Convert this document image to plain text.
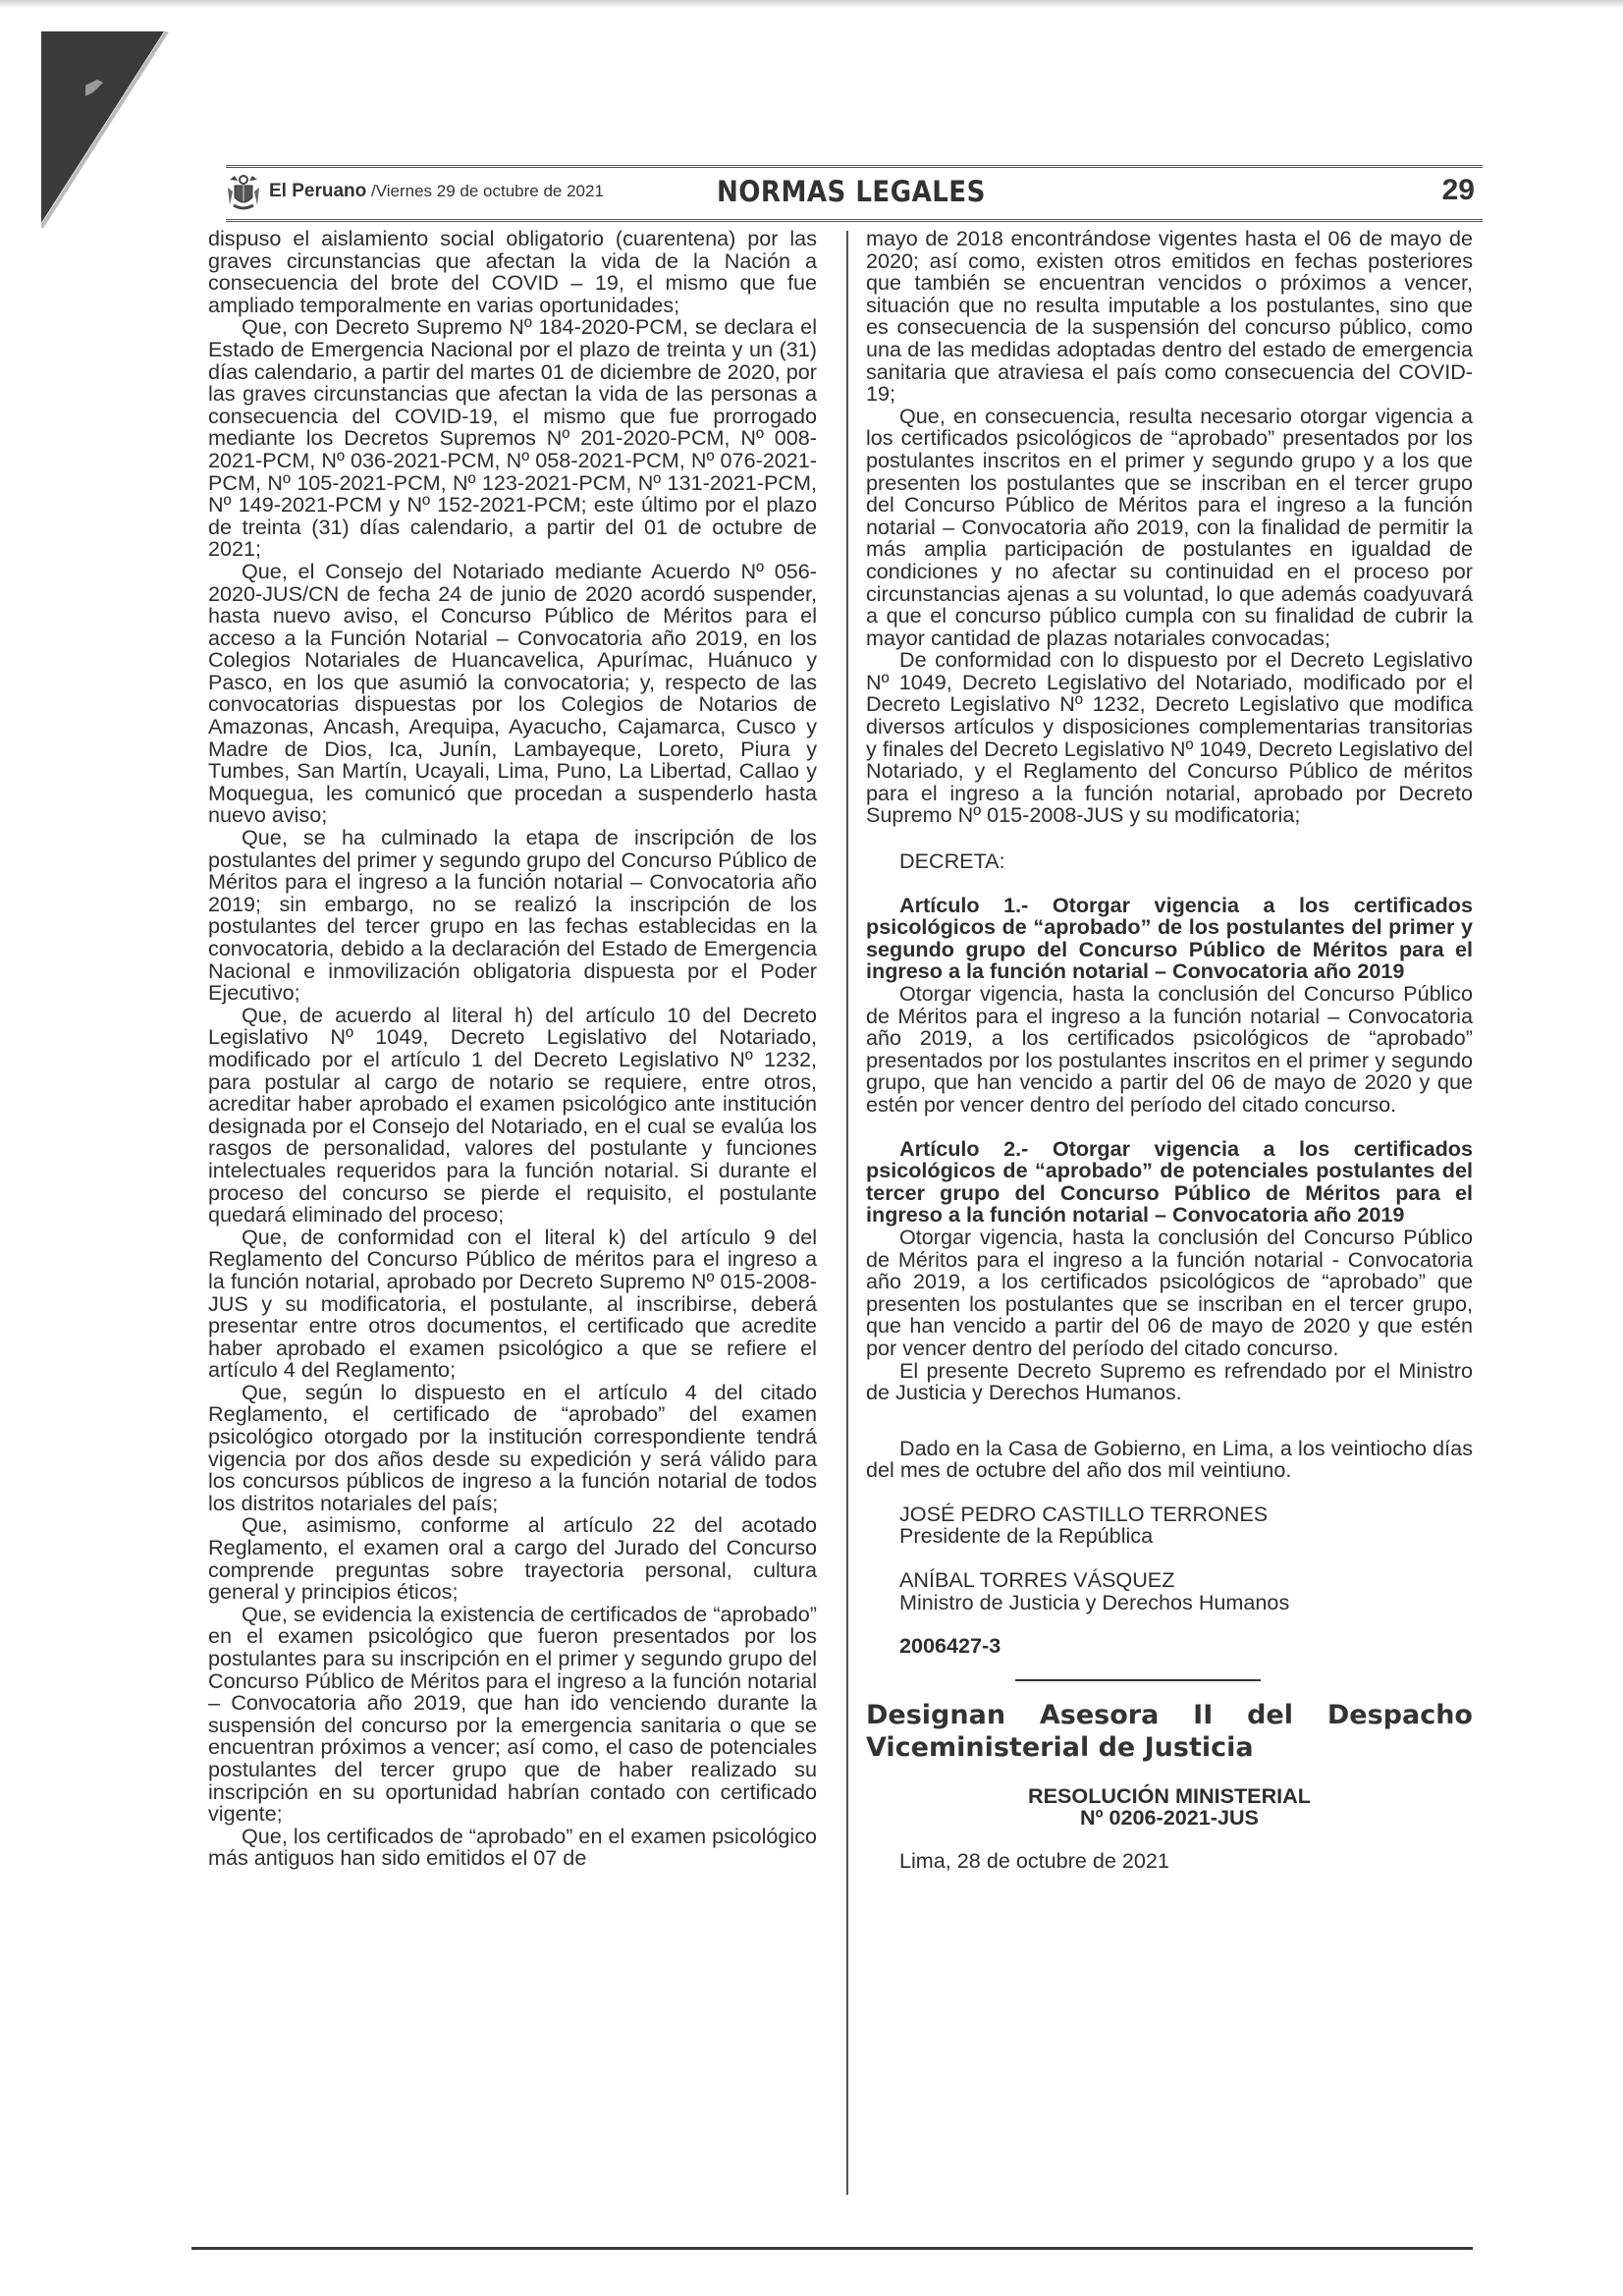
El Peruano /Viernes 29 de octubre de 2021	NORMAS LEGALES	29

dispuso el aislamiento social obligatorio (cuarentena) por las graves circunstancias que afectan la vida de la Nación a consecuencia del brote del COVID – 19, el mismo que fue ampliado temporalmente en varias oportunidades;

Que, con Decreto Supremo Nº 184-2020-PCM, se declara el Estado de Emergencia Nacional por el plazo de treinta y un (31) días calendario, a partir del martes 01 de diciembre de 2020, por las graves circunstancias que afectan la vida de las personas a consecuencia del COVID-19, el mismo que fue prorrogado mediante los Decretos Supremos Nº 201-2020-PCM, Nº 008-2021-PCM, Nº 036-2021-PCM, Nº 058-2021-PCM, Nº 076-2021-PCM, Nº 105-2021-PCM, Nº 123-2021-PCM, Nº 131-2021-PCM, Nº 149-2021-PCM y Nº 152-2021-PCM; este último por el plazo de treinta (31) días calendario, a partir del 01 de octubre de 2021;

Que, el Consejo del Notariado mediante Acuerdo Nº 056-2020-JUS/CN de fecha 24 de junio de 2020 acordó suspender, hasta nuevo aviso, el Concurso Público de Méritos para el acceso a la Función Notarial – Convocatoria año 2019, en los Colegios Notariales de Huancavelica, Apurímac, Huánuco y Pasco, en los que asumió la convocatoria; y, respecto de las convocatorias dispuestas por los Colegios de Notarios de Amazonas, Ancash, Arequipa, Ayacucho, Cajamarca, Cusco y Madre de Dios, Ica, Junín, Lambayeque, Loreto, Piura y Tumbes, San Martín, Ucayali, Lima, Puno, La Libertad, Callao y Moquegua, les comunicó que procedan a suspenderlo hasta nuevo aviso;

Que, se ha culminado la etapa de inscripción de los postulantes del primer y segundo grupo del Concurso Público de Méritos para el ingreso a la función notarial – Convocatoria año 2019; sin embargo, no se realizó la inscripción de los postulantes del tercer grupo en las fechas establecidas en la convocatoria, debido a la declaración del Estado de Emergencia Nacional e inmovilización obligatoria dispuesta por el Poder Ejecutivo;

Que, de acuerdo al literal h) del artículo 10 del Decreto Legislativo Nº 1049, Decreto Legislativo del Notariado, modificado por el artículo 1 del Decreto Legislativo Nº 1232, para postular al cargo de notario se requiere, entre otros, acreditar haber aprobado el examen psicológico ante institución designada por el Consejo del Notariado, en el cual se evalúa los rasgos de personalidad, valores del postulante y funciones intelectuales requeridos para la función notarial. Si durante el proceso del concurso se pierde el requisito, el postulante quedará eliminado del proceso;

Que, de conformidad con el literal k) del artículo 9 del Reglamento del Concurso Público de méritos para el ingreso a la función notarial, aprobado por Decreto Supremo Nº 015-2008-JUS y su modificatoria, el postulante, al inscribirse, deberá presentar entre otros documentos, el certificado que acredite haber aprobado el examen psicológico a que se refiere el artículo 4 del Reglamento;

Que, según lo dispuesto en el artículo 4 del citado Reglamento, el certificado de “aprobado” del examen psicológico otorgado por la institución correspondiente tendrá vigencia por dos años desde su expedición y será válido para los concursos públicos de ingreso a la función notarial de todos los distritos notariales del país;

Que, asimismo, conforme al artículo 22 del acotado Reglamento, el examen oral a cargo del Jurado del Concurso comprende preguntas sobre trayectoria personal, cultura general y principios éticos;

Que, se evidencia la existencia de certificados de “aprobado” en el examen psicológico que fueron presentados por los postulantes para su inscripción en el primer y segundo grupo del Concurso Público de Méritos para el ingreso a la función notarial – Convocatoria año 2019, que han ido venciendo durante la suspensión del concurso por la emergencia sanitaria o que se encuentran próximos a vencer; así como, el caso de potenciales postulantes del tercer grupo que de haber realizado su inscripción en su oportunidad habrían contado con certificado vigente;

Que, los certificados de “aprobado” en el examen psicológico más antiguos han sido emitidos el 07 de

mayo de 2018 encontrándose vigentes hasta el 06 de mayo de 2020; así como, existen otros emitidos en fechas posteriores que también se encuentran vencidos o próximos a vencer, situación que no resulta imputable a los postulantes, sino que es consecuencia de la suspensión del concurso público, como una de las medidas adoptadas dentro del estado de emergencia sanitaria que atraviesa el país como consecuencia del COVID-19;

Que, en consecuencia, resulta necesario otorgar vigencia a los certificados psicológicos de “aprobado” presentados por los postulantes inscritos en el primer y segundo grupo y a los que presenten los postulantes que se inscriban en el tercer grupo del Concurso Público de Méritos para el ingreso a la función notarial – Convocatoria año 2019, con la finalidad de permitir la más amplia participación de postulantes en igualdad de condiciones y no afectar su continuidad en el proceso por circunstancias ajenas a su voluntad, lo que además coadyuvará a que el concurso público cumpla con su finalidad de cubrir la mayor cantidad de plazas notariales convocadas;

De conformidad con lo dispuesto por el Decreto Legislativo Nº 1049, Decreto Legislativo del Notariado, modificado por el Decreto Legislativo Nº 1232, Decreto Legislativo que modifica diversos artículos y disposiciones complementarias transitorias y finales del Decreto Legislativo Nº 1049, Decreto Legislativo del Notariado, y el Reglamento del Concurso Público de méritos para el ingreso a la función notarial, aprobado por Decreto Supremo Nº 015-2008-JUS y su modificatoria;

DECRETA:

Artículo 1.- Otorgar vigencia a los certificados psicológicos de “aprobado” de los postulantes del primer y segundo grupo del Concurso Público de Méritos para el ingreso a la función notarial – Convocatoria año 2019

Otorgar vigencia, hasta la conclusión del Concurso Público de Méritos para el ingreso a la función notarial – Convocatoria año 2019, a los certificados psicológicos de “aprobado” presentados por los postulantes inscritos en el primer y segundo grupo, que han vencido a partir del 06 de mayo de 2020 y que estén por vencer dentro del período del citado concurso.

Artículo 2.- Otorgar vigencia a los certificados psicológicos de “aprobado” de potenciales postulantes del tercer grupo del Concurso Público de Méritos para el ingreso a la función notarial – Convocatoria año 2019

Otorgar vigencia, hasta la conclusión del Concurso Público de Méritos para el ingreso a la función notarial - Convocatoria año 2019, a los certificados psicológicos de “aprobado” que presenten los postulantes que se inscriban en el tercer grupo, que han vencido a partir del 06 de mayo de 2020 y que estén por vencer dentro del período del citado concurso.

El presente Decreto Supremo es refrendado por el Ministro de Justicia y Derechos Humanos.

Dado en la Casa de Gobierno, en Lima, a los veintiocho días del mes de octubre del año dos mil veintiuno.

JOSÉ PEDRO CASTILLO TERRONES

Presidente de la República

ANÍBAL TORRES VÁSQUEZ

Ministro de Justicia y Derechos Humanos

2006427-3

Designan Asesora II del Despacho
Viceministerial de Justicia

RESOLUCIÓN MINISTERIAL

Nº 0206-2021-JUS

Lima, 28 de octubre de 2021
